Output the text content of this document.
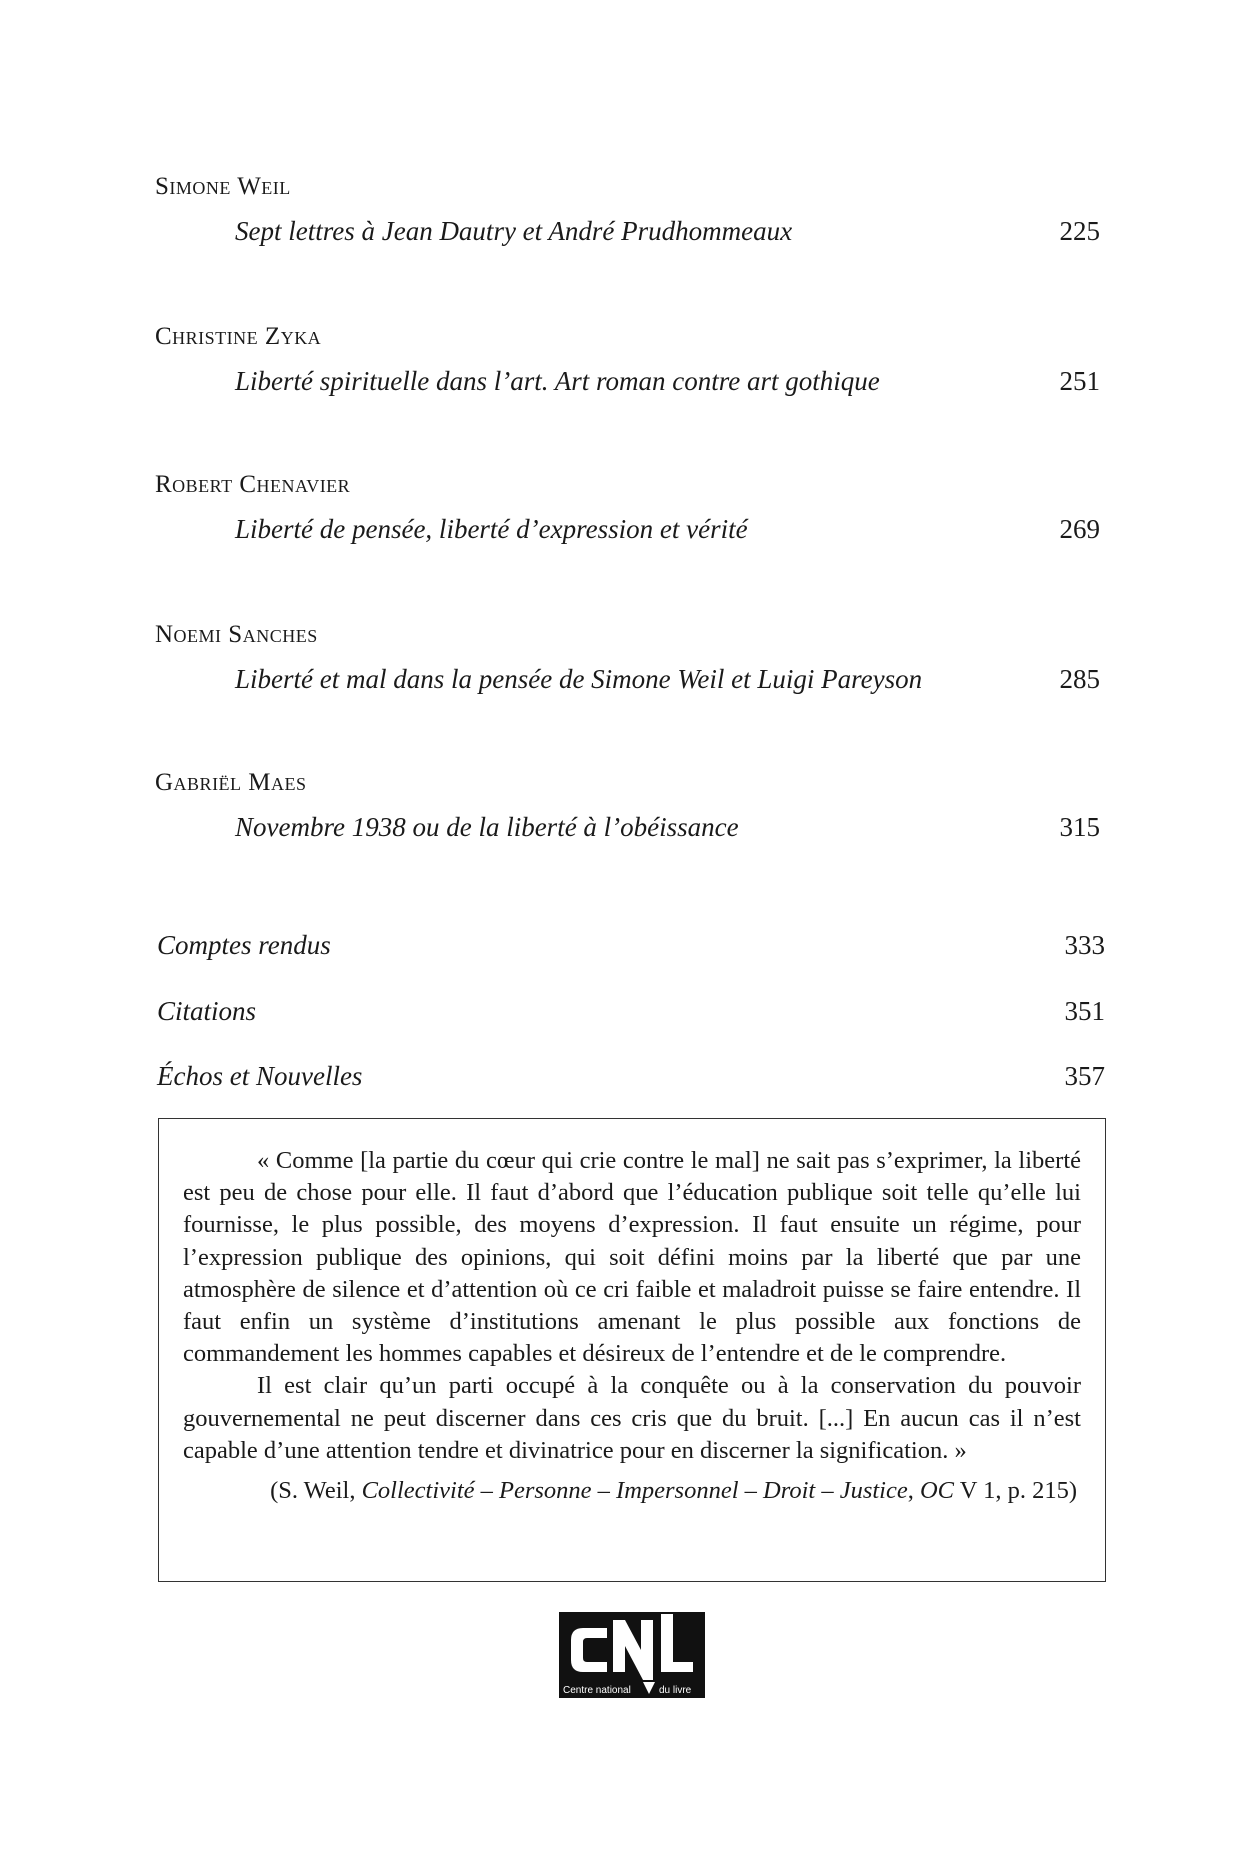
Simone Weil
Sept lettres à Jean Dautry et André Prudhommeaux	225
Christine Zyka
Liberté spirituelle dans l’art. Art roman contre art gothique	251
Robert Chenavier
Liberté de pensée, liberté d’expression et vérité	269
Noemi Sanches
Liberté et mal dans la pensée de Simone Weil et Luigi Pareyson	285
Gabriël Maes
Novembre 1938 ou de la liberté à l’obéissance	315
Comptes rendus	333
Citations	351
Échos et Nouvelles	357

« Comme [la partie du cœur qui crie contre le mal] ne sait pas s’exprimer, la liberté est peu de chose pour elle. Il faut d’abord que l’éducation publique soit telle qu’elle lui fournisse, le plus possible, des moyens d’expression. Il faut ensuite un régime, pour l’expression publique des opinions, qui soit défini moins par la liberté que par une atmosphère de silence et d’attention où ce cri faible et maladroit puisse se faire entendre. Il faut enfin un système d’institutions amenant le plus possible aux fonctions de commandement les hommes capables et désireux de l’entendre et de le comprendre.

Il est clair qu’un parti occupé à la conquête ou à la conservation du pouvoir gouvernemental ne peut discerner dans ces cris que du bruit. [...] En aucun cas il n’est capable d’une attention tendre et divinatrice pour en discerner la signification. »

(S. Weil, Collectivité – Personne – Impersonnel – Droit – Justice, OC V 1, p. 215)
Centre national	du livre
